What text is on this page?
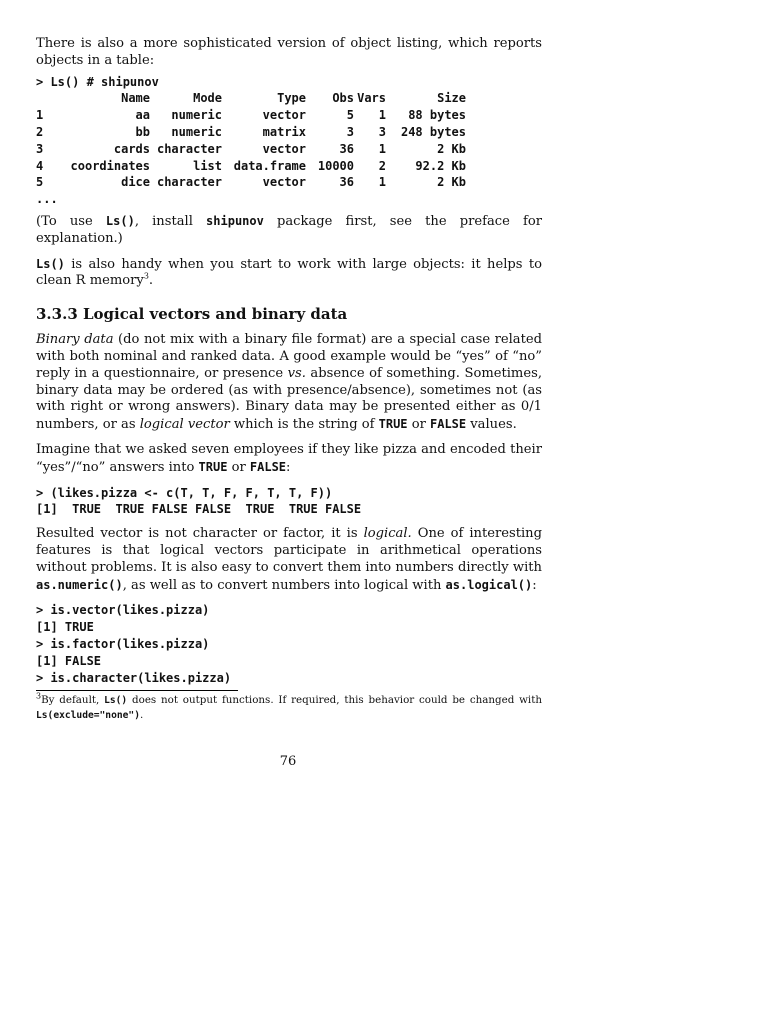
There is also a more sophisticated version of object listing, which reports objects in a table:

> Ls() # shipunov

	Name	Mode	Type	Obs	Vars	Size
1	aa	numeric	vector	5	1	88 bytes
2	bb	numeric	matrix	3	3	248 bytes
3	cards	character	vector	36	1	2 Kb
4	coordinates	list	data.frame	10000	2	92.2 Kb
5	dice	character	vector	36	1	2 Kb

...

(To use Ls(), install shipunov package first, see the preface for explanation.)

Ls() is also handy when you start to work with large objects: it helps to clean R memory$^3$.

3.3.3 Logical vectors and binary data

Binary data (do not mix with a binary file format) are a special case related with both nominal and ranked data. A good example would be “yes” of “no” reply in a questionnaire, or presence vs. absence of something. Sometimes, binary data may be ordered (as with presence/absence), sometimes not (as with right or wrong answers). Binary data may be presented either as 0/1 numbers, or as logical vector which is the string of TRUE or FALSE values.

Imagine that we asked seven employees if they like pizza and encoded their “yes”/“no” answers into TRUE or FALSE:

> (likes.pizza <- c(T, T, F, F, T, T, F))

[1]  TRUE  TRUE FALSE FALSE  TRUE  TRUE FALSE

Resulted vector is not character or factor, it is logical. One of interesting features is that logical vectors participate in arithmetical operations without problems. It is also easy to convert them into numbers directly with as.numeric(), as well as to convert numbers into logical with as.logical():

> is.vector(likes.pizza)

[1] TRUE

> is.factor(likes.pizza)

[1] FALSE

> is.character(likes.pizza)

$^3$By default, Ls() does not output functions. If required, this behavior could be changed with Ls(exclude="none").

76
